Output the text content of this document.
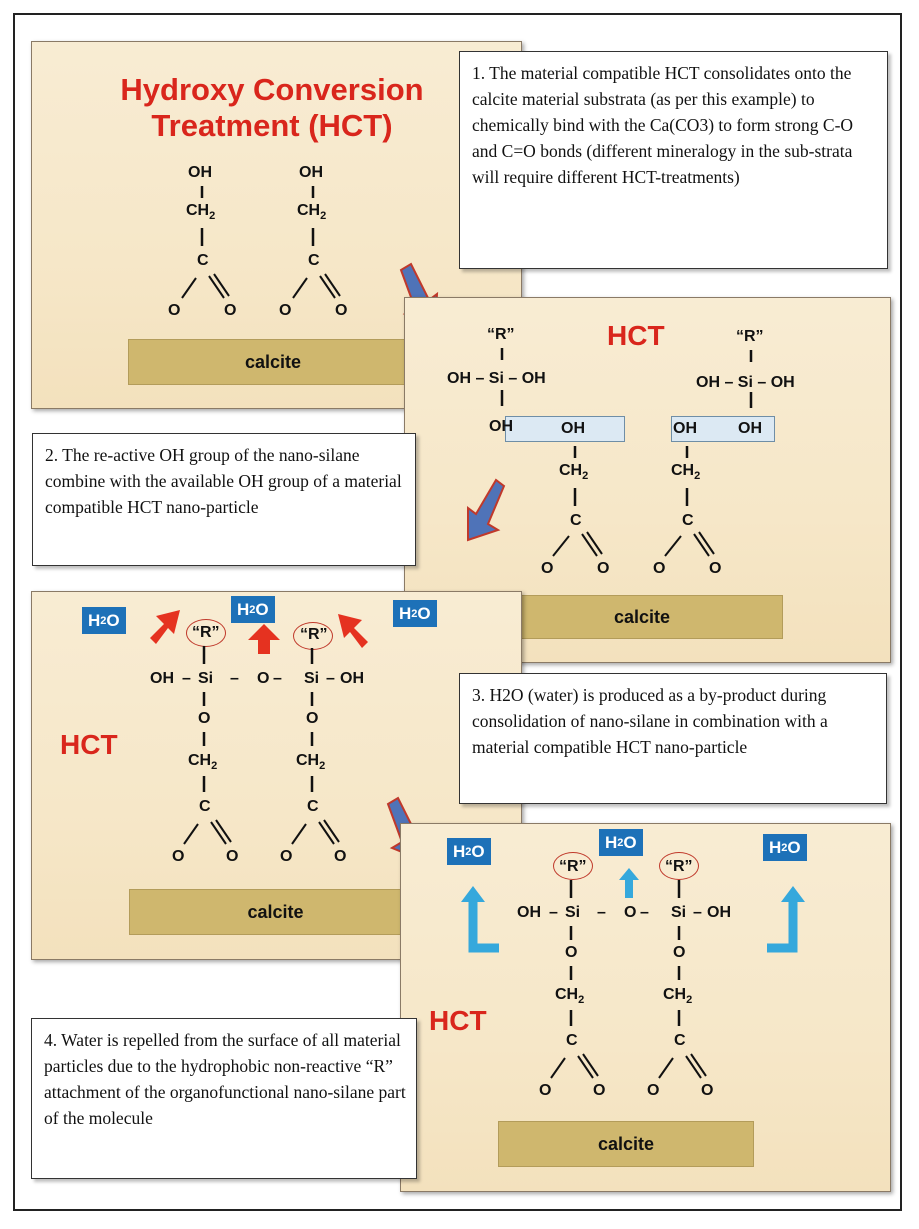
Hydroxy Conversion
Treatment (HCT)
OH
$CH_2$
C
O	O
OH
$CH_2$
C
O	O
calcite
1. The material compatible HCT consolidates onto the calcite material substrata (as per this example) to chemically bind with the Ca(CO3) to form strong C-O and C=O bonds (different mineralogy in the sub-strata will require different HCT-treatments)
HCT
“R”
OH – Si – OH
OH
“R”
OH – Si – OH
OH
OH
$CH_2$
C
O	O
OH
$CH_2$
C
O	O
calcite
2. The re-active OH group of the nano-silane combine with the available OH group of a material compatible HCT nano-particle
H 2 O
H 2 O	H 2 O
HCT
“R”	“R”
OH – Si – O – Si – OH
O	O
$CH_2$	$CH_2$
C	C
O	O	O	O
calcite
3. H2O (water) is produced as a by-product during consolidation of nano-silane in combination with a material compatible HCT nano-particle
H 2 O	H 2 O	H 2 O
HCT
“R”	“R”
OH – Si – O – Si – OH
O	O
$CH_2$	$CH_2$
C	C
O	O	O	O
calcite
4. Water is repelled from the surface of all material particles due to the hydrophobic non-reactive “R” attachment of the organofunctional nano-silane part of the molecule
